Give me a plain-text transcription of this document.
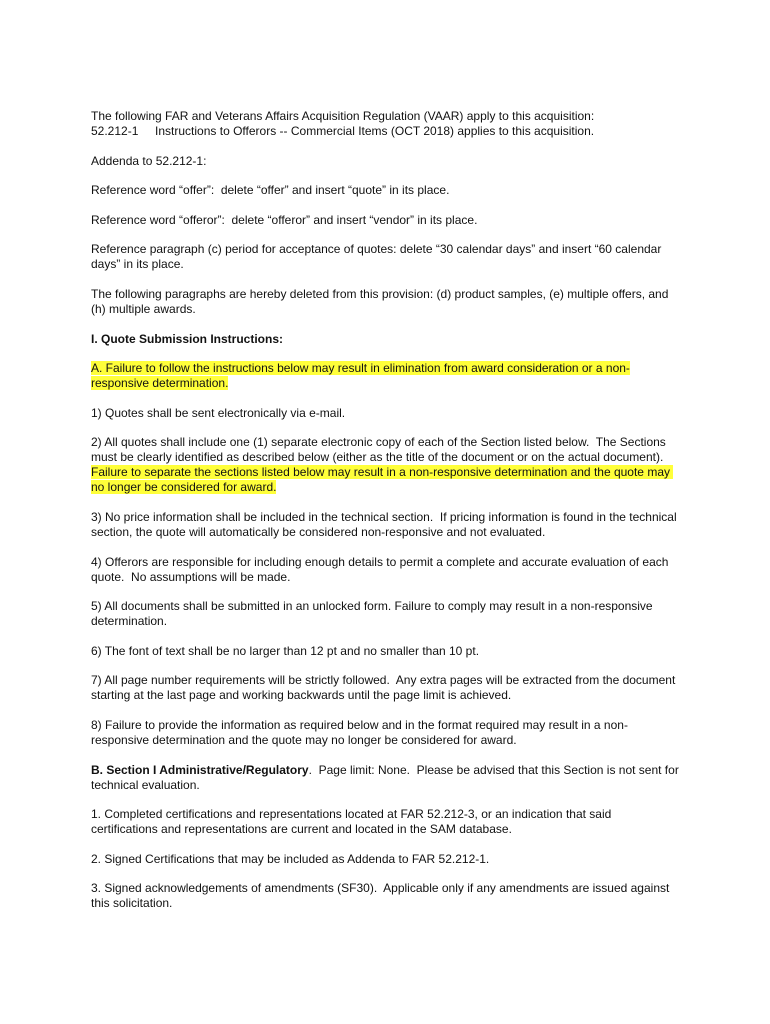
The following FAR and Veterans Affairs Acquisition Regulation (VAAR) apply to this acquisition:

52.212-1 Instructions to Offerors -- Commercial Items (OCT 2018) applies to this acquisition.

Addenda to 52.212-1:

Reference word “offer”:  delete “offer” and insert “quote” in its place.

Reference word “offeror”:  delete “offeror” and insert “vendor” in its place.

Reference paragraph (c) period for acceptance of quotes: delete “30 calendar days” and insert “60 calendar days” in its place.

The following paragraphs are hereby deleted from this provision: (d) product samples, (e) multiple offers, and (h) multiple awards.

I. Quote Submission Instructions:

A. Failure to follow the instructions below may result in elimination from award consideration or a non-responsive determination.

1) Quotes shall be sent electronically via e-mail.

2) All quotes shall include one (1) separate electronic copy of each of the Section listed below.  The Sections must be clearly identified as described below (either as the title of the document or on the actual document).  Failure to separate the sections listed below may result in a non-responsive determination and the quote may no longer be considered for award.

3) No price information shall be included in the technical section.  If pricing information is found in the technical section, the quote will automatically be considered non-responsive and not evaluated.

4) Offerors are responsible for including enough details to permit a complete and accurate evaluation of each quote.  No assumptions will be made.

5) All documents shall be submitted in an unlocked form. Failure to comply may result in a non-responsive determination.

6) The font of text shall be no larger than 12 pt and no smaller than 10 pt.

7) All page number requirements will be strictly followed.  Any extra pages will be extracted from the document starting at the last page and working backwards until the page limit is achieved.

8) Failure to provide the information as required below and in the format required may result in a non-responsive determination and the quote may no longer be considered for award.

B. Section I Administrative/Regulatory.  Page limit: None.  Please be advised that this Section is not sent for technical evaluation.

1. Completed certifications and representations located at FAR 52.212-3, or an indication that said certifications and representations are current and located in the SAM database.

2. Signed Certifications that may be included as Addenda to FAR 52.212-1.

3. Signed acknowledgements of amendments (SF30).  Applicable only if any amendments are issued against this solicitation.
